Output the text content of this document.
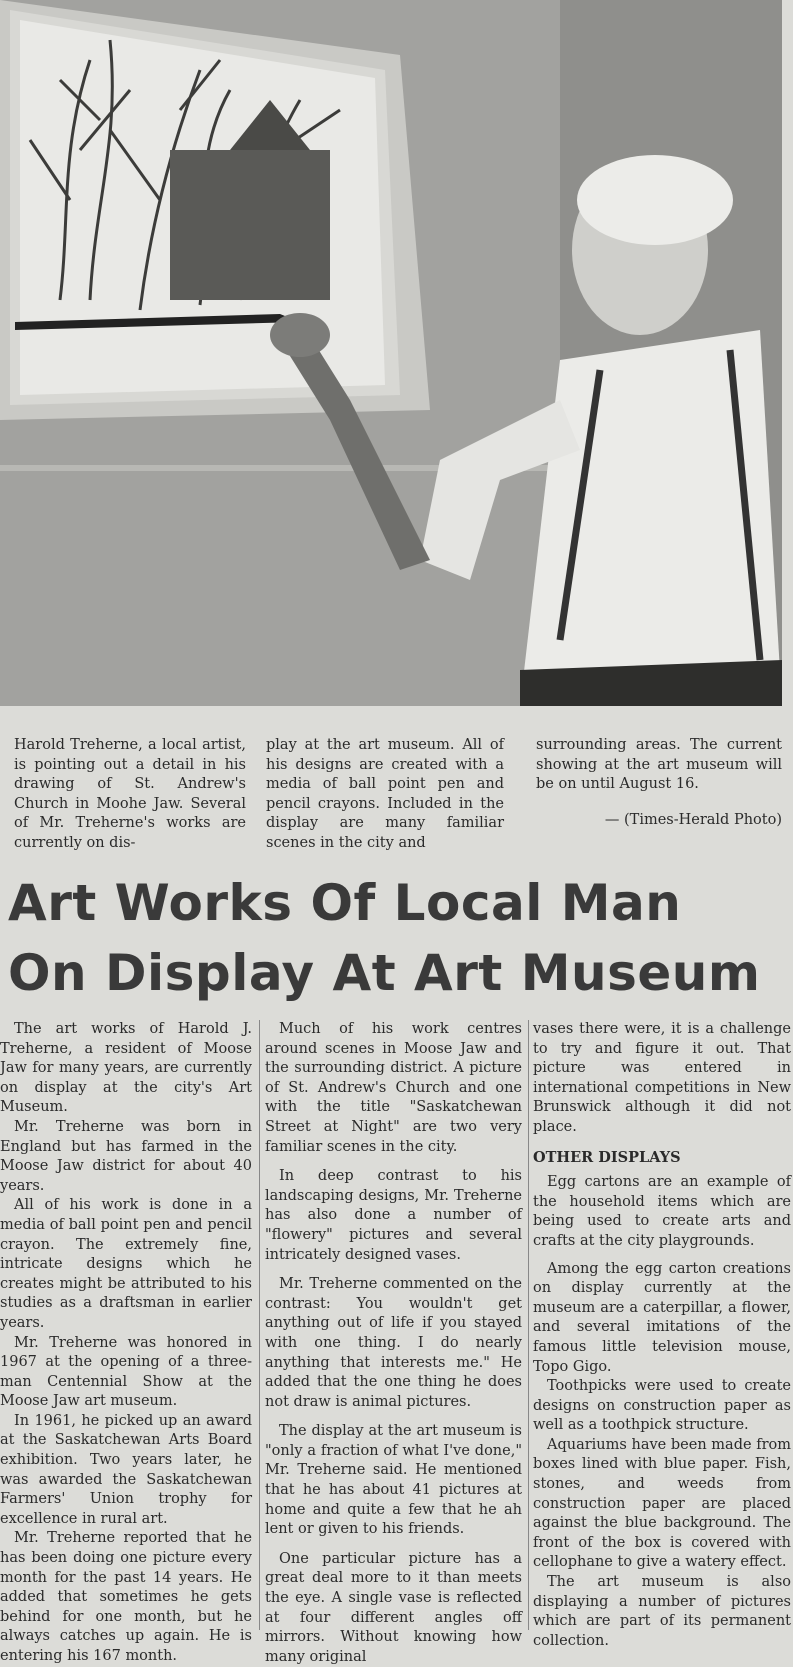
Harold Treherne, a local artist, is pointing out a detail in his drawing of St. Andrew's Church in Moohe Jaw. Several of Mr. Treherne's works are currently on dis-
play at the art museum. All of his designs are created with a media of ball point pen and pencil crayons. Included in the display are many familiar scenes in the city and
surrounding areas. The current showing at the art museum will be on until August 16.
— (Times-Herald Photo)
Art Works Of Local Man
On Display At Art Museum

The art works of Harold J. Treherne, a resident of Moose Jaw for many years, are currently on display at the city's Art Museum.

Mr. Treherne was born in England but has farmed in the Moose Jaw district for about 40 years.

All of his work is done in a media of ball point pen and pencil crayon. The extremely fine, intricate designs which he creates might be attributed to his studies as a draftsman in earlier years.

Mr. Treherne was honored in 1967 at the opening of a three-man Centennial Show at the Moose Jaw art museum.

In 1961, he picked up an award at the Saskatchewan Arts Board exhibition. Two years later, he was awarded the Saskatchewan Farmers' Union trophy for excellence in rural art.

Mr. Treherne reported that he has been doing one picture every month for the past 14 years. He added that sometimes he gets behind for one month, but he always catches up again. He is entering his 167 month.

Much of his work centres around scenes in Moose Jaw and the surrounding district. A picture of St. Andrew's Church and one with the title "Saskatchewan Street at Night" are two very familiar scenes in the city.

In deep contrast to his landscaping designs, Mr. Treherne has also done a number of "flowery" pictures and several intricately designed vases.

Mr. Treherne commented on the contrast: You wouldn't get anything out of life if you stayed with one thing. I do nearly anything that interests me." He added that the one thing he does not draw is animal pictures.

The display at the art museum is "only a fraction of what I've done," Mr. Treherne said. He mentioned that he has about 41 pictures at home and quite a few that he ah lent or given to his friends.

One particular picture has a great deal more to it than meets the eye. A single vase is reflected at four different angles off mirrors. Without knowing how many original

vases there were, it is a challenge to try and figure it out. That picture was entered in international competitions in New Brunswick although it did not place.

OTHER DISPLAYS

Egg cartons are an example of the household items which are being used to create arts and crafts at the city playgrounds.

Among the egg carton creations on display currently at the museum are a caterpillar, a flower, and several imitations of the famous little television mouse, Topo Gigo.

Toothpicks were used to create designs on construction paper as well as a toothpick structure.

Aquariums have been made from boxes lined with blue paper. Fish, stones, and weeds from construction paper are placed against the blue background. The front of the box is covered with cellophane to give a watery effect.

The art museum is also displaying a number of pictures which are part of its permanent collection.
